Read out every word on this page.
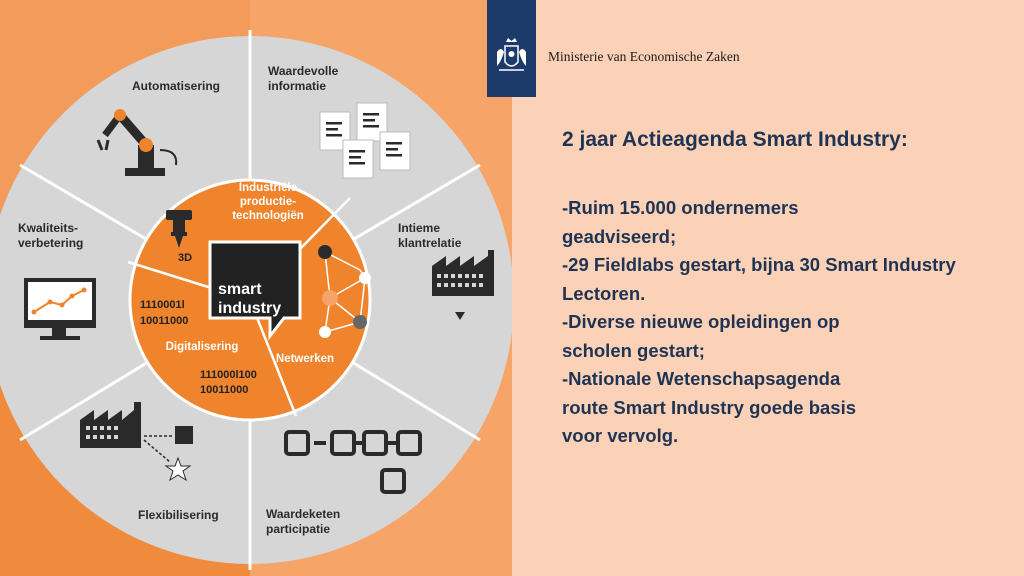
smart
industry
Industriële
productie-
technologiën
Netwerken
Digitalisering
3D
1110001l
10011000
111000l100
10011000
Automatisering
Waardevolle
informatie
Intieme
klantrelatie
Waardeketen
participatie
Flexibilisering
Kwaliteits-
verbetering
Ministerie van Economische Zaken
2 jaar Actieagenda Smart Industry:
-Ruim 15.000 ondernemers
geadviseerd;
-29 Fieldlabs gestart, bijna 30 Smart Industry
Lectoren.
-Diverse nieuwe opleidingen op
scholen gestart;
-Nationale Wetenschapsagenda
route Smart Industry goede basis
voor vervolg.
